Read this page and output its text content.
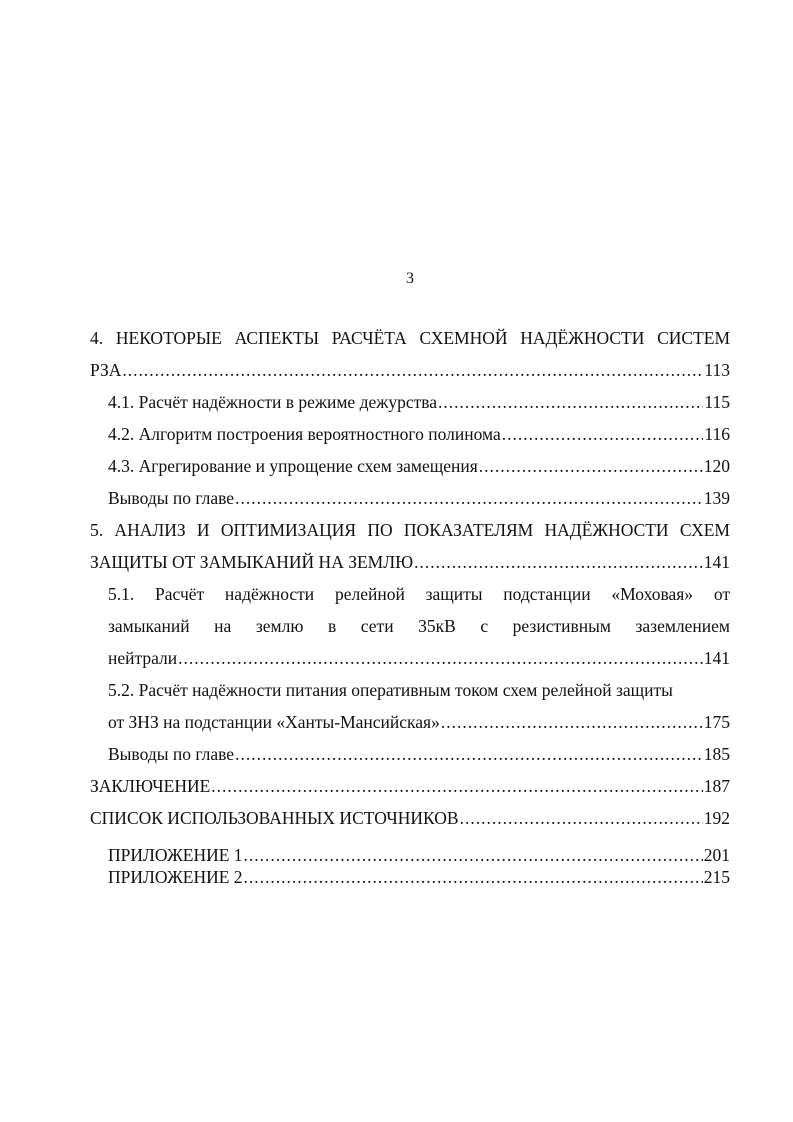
3

4. НЕКОТОРЫЕ АСПЕКТЫ РАСЧЁТА СХЕМНОЙ НАДЁЖНОСТИ СИСТЕМ

РЗА .....	113

4.1. Расчёт надёжности в режиме дежурства .....	115

4.2. Алгоритм построения вероятностного полинома .....	116

4.3. Агрегирование и упрощение схем замещения .....	120

Выводы по главе .....	139

5. АНАЛИЗ И ОПТИМИЗАЦИЯ ПО ПОКАЗАТЕЛЯМ НАДЁЖНОСТИ СХЕМ

ЗАЩИТЫ ОТ ЗАМЫКАНИЙ НА ЗЕМЛЮ .....	141

5.1. Расчёт надёжности релейной защиты подстанции «Моховая» от

замыканий на землю в сети 35кВ с резистивным заземлением

нейтрали .....	141

5.2. Расчёт надёжности питания оперативным током схем релейной защиты

от ЗНЗ на подстанции «Ханты-Мансийская» .....	175

Выводы по главе .....	185

ЗАКЛЮЧЕНИЕ .....	187

СПИСОК ИСПОЛЬЗОВАННЫХ ИСТОЧНИКОВ .....	192

ПРИЛОЖЕНИЕ 1 .....	201

ПРИЛОЖЕНИЕ 2 .....	215
